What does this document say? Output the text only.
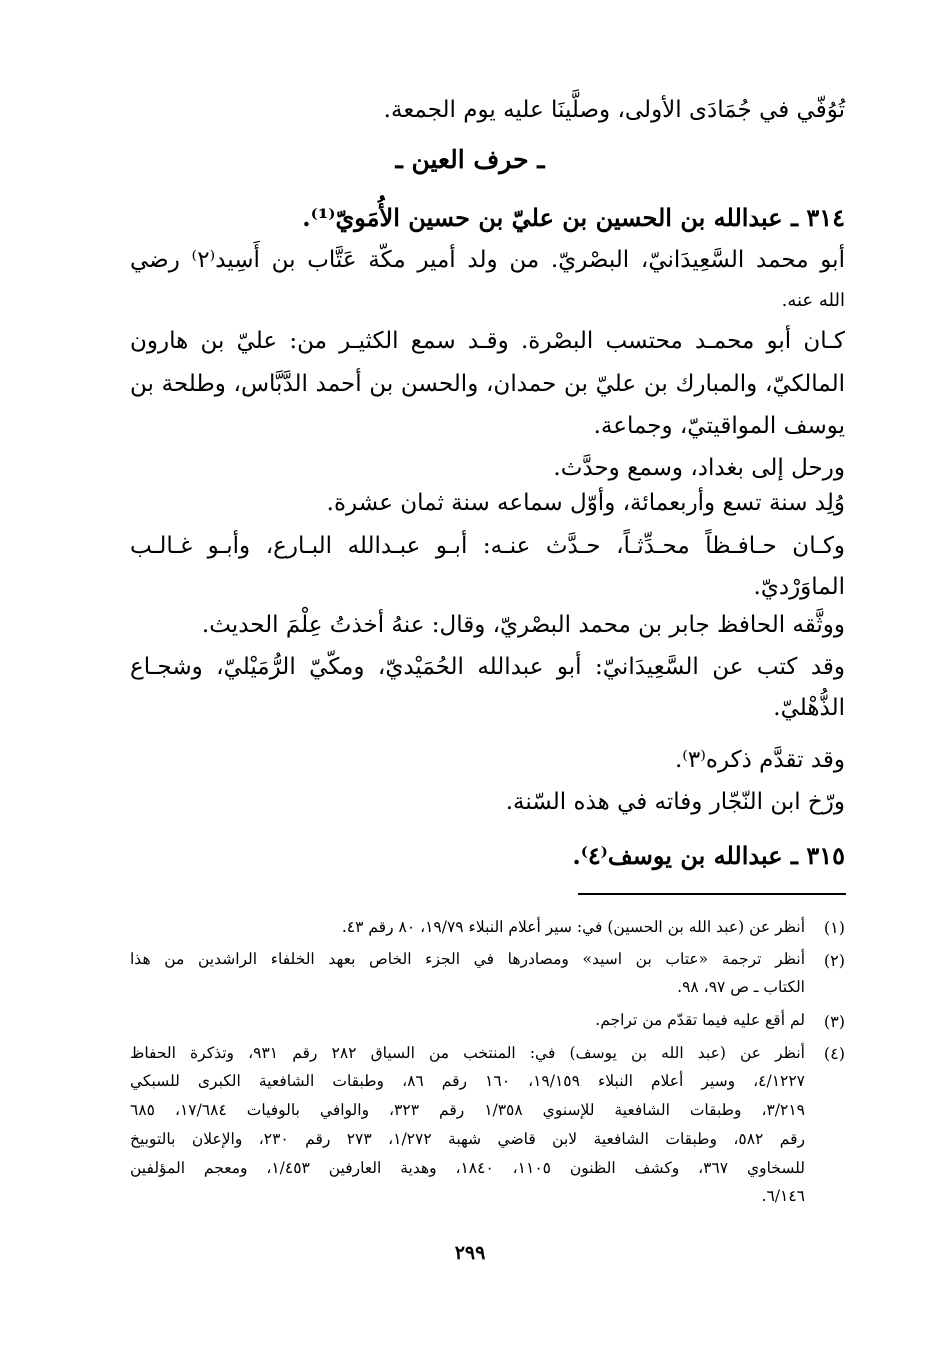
تُوُفّي في جُمَادَى الأولى، وصلَّينَا عليه يوم الجمعة.
ـ حرف العين ـ
٣١٤ ـ عبدالله بن الحسين بن عليّ بن حسين الأُمَويّ⁽¹⁾.
أبو محمد السَّعِيدَانيّ، البصْريّ. من ولد أمير مكّة عَتَّاب بن أَسِيد⁽٢⁾ رضي
الله عنه.
كـان أبو محمـد محتسب البصْرة. وقـد سمع الكثيـر من: عليّ بن هارون
المالكيّ، والمبارك بن عليّ بن حمدان، والحسن بن أحمد الدَّبَّاس، وطلحة بن
يوسف المواقيتيّ، وجماعة.
ورحل إلى بغداد، وسمع وحدَّث.
وُلِد سنة تسع وأربعمائة، وأوّل سماعه سنة ثمان عشرة.
وكـان حـافـظاً محـدِّثـاً، حـدَّث عنـه: أبـو عبـدالله البـارع، وأبـو غـالـب
الماوَرْديّ.
ووثَّقه الحافظ جابر بن محمد البصْريّ، وقال: عنهُ أخذتُ عِلْمَ الحديث.
وقد كتب عن السَّعِيدَانيّ: أبو عبدالله الحُمَيْديّ، ومكّيّ الرُّمَيْليّ، وشجـاع
الذُّهْليّ.
وقد تقدَّم ذكره⁽٣⁾.
ورّخ ابن النّجّار وفاته في هذه السّنة.
٣١٥ ـ عبدالله بن يوسف⁽٤⁾.
(١)
أنظر عن (عبد الله بن الحسين) في: سير أعلام النبلاء ١٩/٧٩، ٨٠ رقم ٤٣.
(٢)
أنظر ترجمة «عتاب بن اسيد» ومصادرها في الجزء الخاص بعهد الخلفاء الراشدين من هذا
الكتاب ـ ص ٩٧، ٩٨.
(٣)
لم أقع عليه فيما تقدّم من تراجم.
(٤)
أنظر عن (عبد الله بن يوسف) في: المنتخب من السياق ٢٨٢ رقم ٩٣١، وتذكرة الحفاظ
٤/١٢٢٧، وسير أعلام النبلاء ١٩/١٥٩، ١٦٠ رقم ٨٦، وطبقات الشافعية الكبرى للسبكي
٣/٢١٩، وطبقات الشافعية للإسنوي ١/٣٥٨ رقم ٣٢٣، والوافي بالوفيات ١٧/٦٨٤، ٦٨٥
رقم ٥٨٢، وطبقات الشافعية لابن قاضي شهبة ١/٢٧٢، ٢٧٣ رقم ٢٣٠، والإعلان بالتوبيخ
للسخاوي ٣٦٧، وكشف الظنون ١١٠٥، ١٨٤٠، وهدية العارفين ١/٤٥٣، ومعجم المؤلفين
٦/١٤٦.
٢٩٩
